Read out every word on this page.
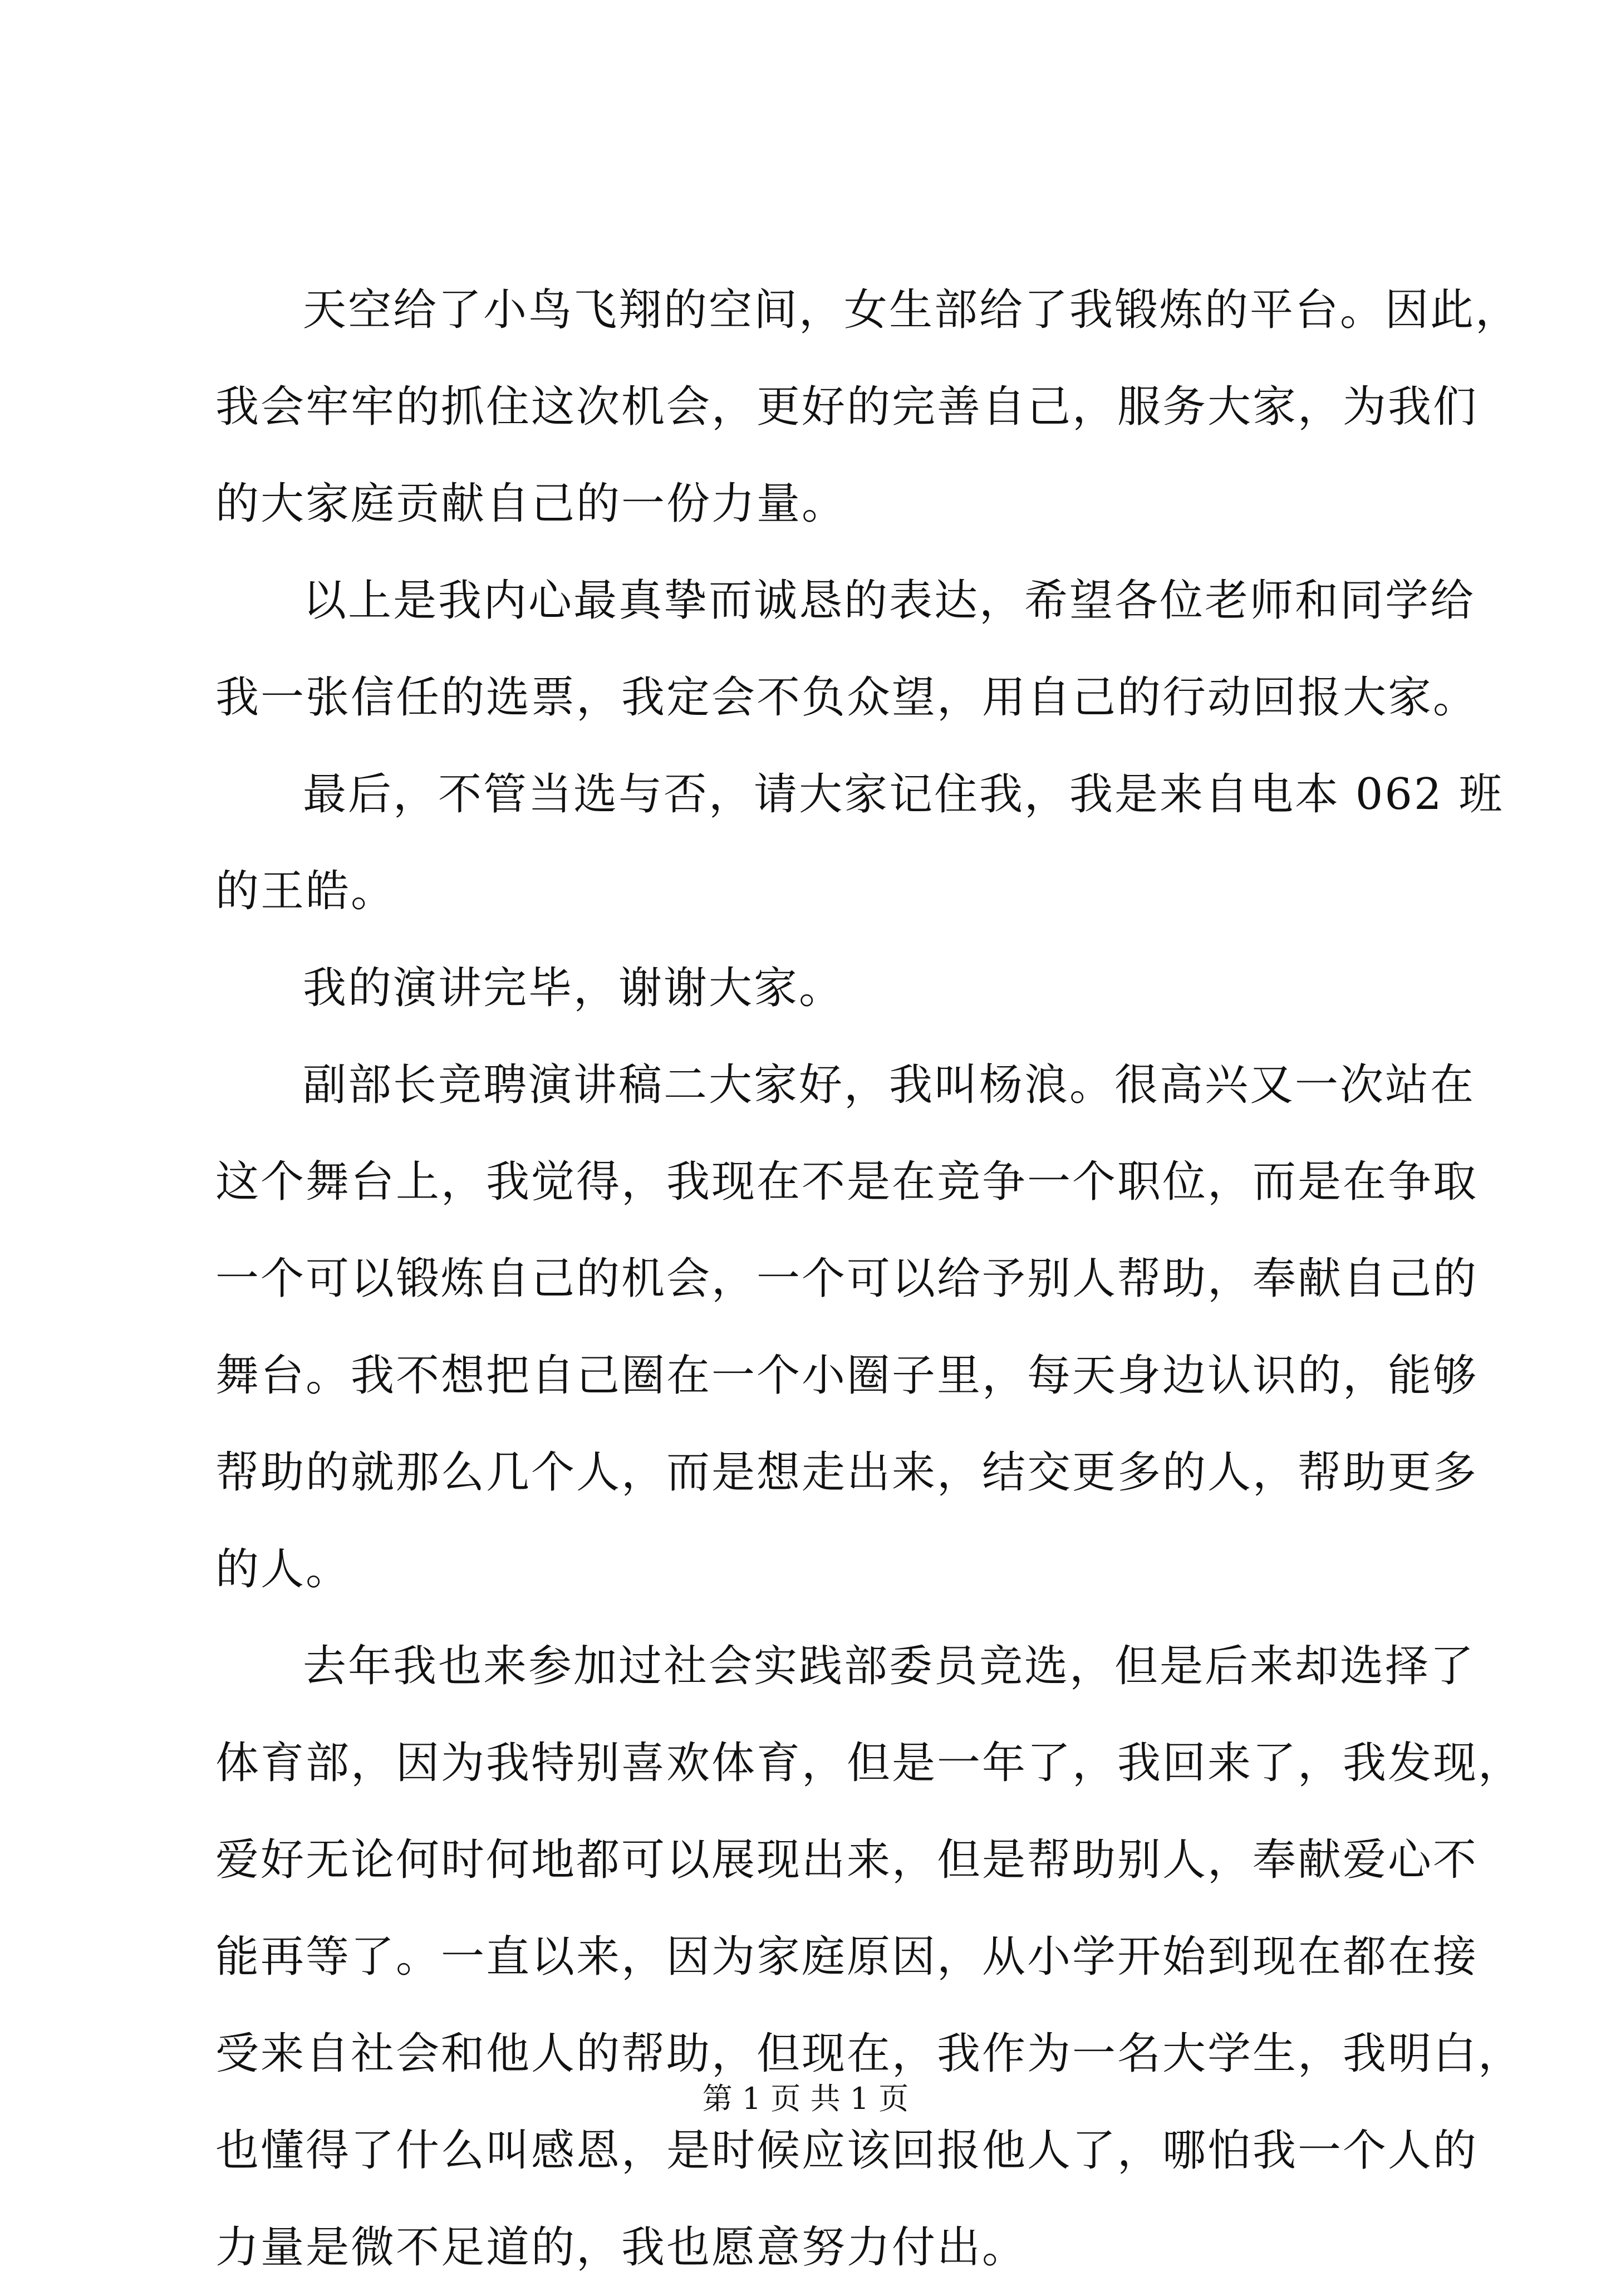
天空给了小鸟飞翔的空间，女生部给了我锻炼的平台。因此，
我会牢牢的抓住这次机会，更好的完善自己，服务大家，为我们
的大家庭贡献自己的一份力量。
以上是我内心最真挚而诚恳的表达，希望各位老师和同学给
我一张信任的选票，我定会不负众望，用自己的行动回报大家。
最后，不管当选与否，请大家记住我，我是来自电本 062 班
的王皓。
我的演讲完毕，谢谢大家。
副部长竞聘演讲稿二大家好，我叫杨浪。很高兴又一次站在
这个舞台上，我觉得，我现在不是在竞争一个职位，而是在争取
一个可以锻炼自己的机会，一个可以给予别人帮助，奉献自己的
舞台。我不想把自己圈在一个小圈子里，每天身边认识的，能够
帮助的就那么几个人，而是想走出来，结交更多的人，帮助更多
的人。
去年我也来参加过社会实践部委员竞选，但是后来却选择了
体育部，因为我特别喜欢体育，但是一年了，我回来了，我发现，
爱好无论何时何地都可以展现出来，但是帮助别人，奉献爱心不
能再等了。一直以来，因为家庭原因，从小学开始到现在都在接
受来自社会和他人的帮助，但现在，我作为一名大学生，我明白，
也懂得了什么叫感恩，是时候应该回报他人了，哪怕我一个人的
力量是微不足道的，我也愿意努力付出。
第 1 页 共 1 页
